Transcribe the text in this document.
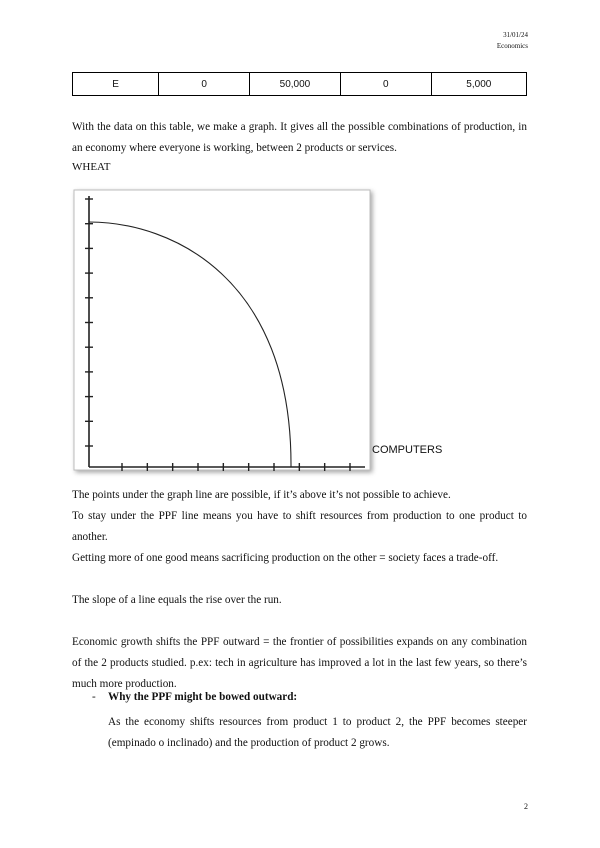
31/01/24
Economics
E	0	50,000	0	5,000

With the data on this table, we make a graph. It gives all the possible combinations of production, in an economy where everyone is working, between 2 products or services.

WHEAT
COMPUTERS

The points under the graph line are possible, if it’s above it’s not possible to achieve.

To stay under the PPF line means you have to shift resources from production to one product to another.

Getting more of one good means sacrificing production on the other = society faces a trade-off.

The slope of a line equals the rise over the run.

Economic growth shifts the PPF outward = the frontier of possibilities expands on any combination of the 2 products studied. p.ex: tech in agriculture has improved a lot in the last few years, so there’s much more production.

- Why the PPF might be bowed outward:

As the economy shifts resources from product 1 to product 2, the PPF becomes steeper (empinado o inclinado) and the production of product 2 grows.

2
